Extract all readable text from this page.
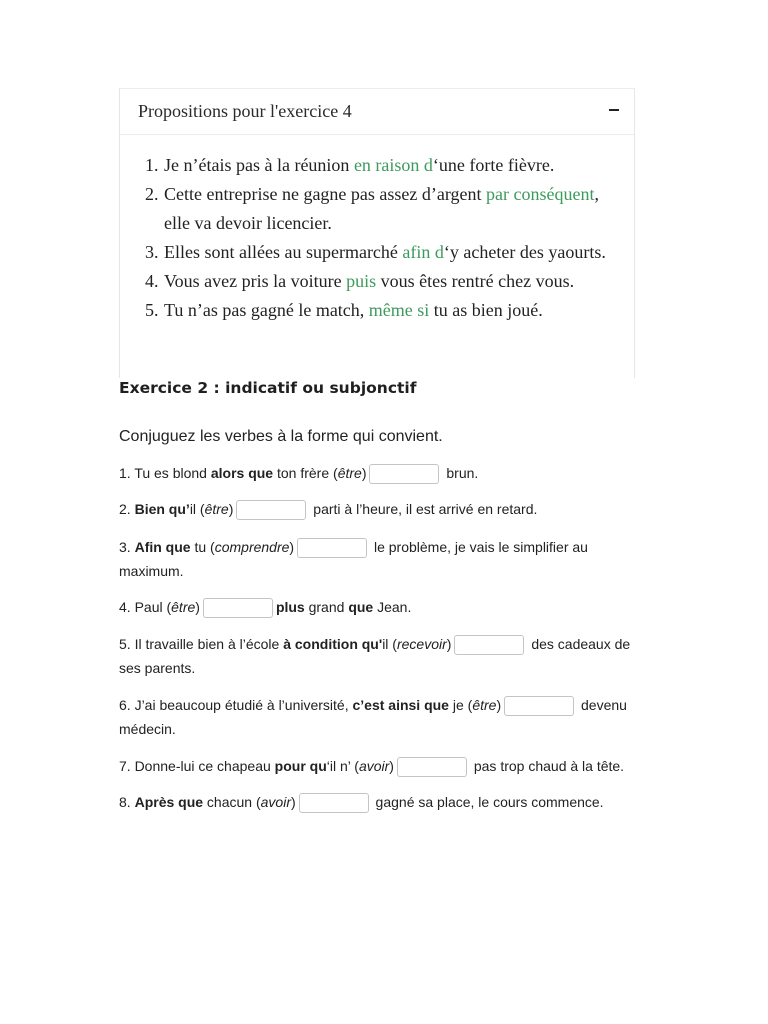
Propositions pour l'exercice 4
1. Je n’étais pas à la réunion en raison d‘une forte fièvre.
2. Cette entreprise ne gagne pas assez d’argent par conséquent, elle va devoir licencier.
3. Elles sont allées au supermarché afin d‘y acheter des yaourts.
4. Vous avez pris la voiture puis vous êtes rentré chez vous.
5. Tu n’as pas gagné le match, même si tu as bien joué.
Exercice 2 : indicatif ou subjonctif

Conjuguez les verbes à la forme qui convient.

1. Tu es blond alors que ton frère (être)	brun.
2. Bien qu’il (être)	parti à l’heure, il est arrivé en retard.
3. Afin que tu (comprendre)	le problème, je vais le simplifier au maximum.
4. Paul (être)	plus grand que Jean.
5. Il travaille bien à l’école à condition qu'il (recevoir)	des cadeaux de ses parents.
6. J’ai beaucoup étudié à l’université, c’est ainsi que je (être)	devenu médecin.
7. Donne-lui ce chapeau pour qu‘il n’ (avoir)	pas trop chaud à la tête.
8. Après que chacun (avoir)	gagné sa place, le cours commence.
